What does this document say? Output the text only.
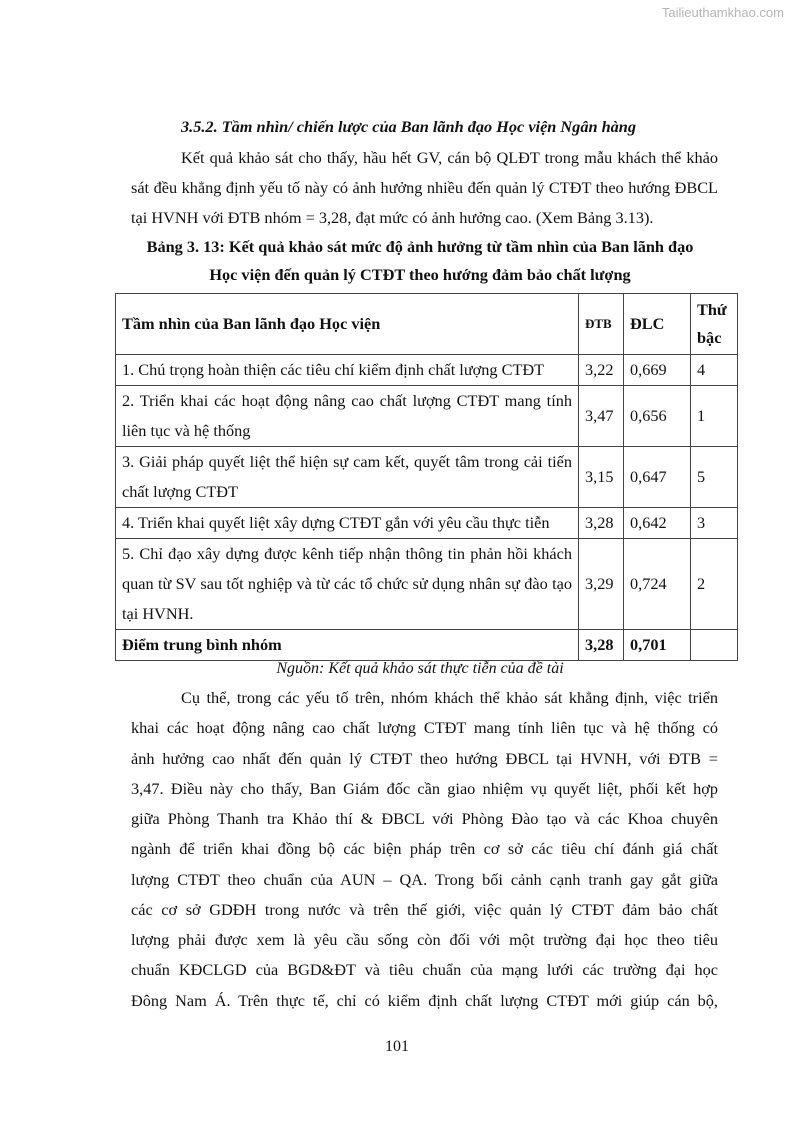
Tailieuthamkhao.com
3.5.2. Tầm nhìn/ chiến lược của Ban lãnh đạo Học viện Ngân hàng
Kết quả khảo sát cho thấy, hầu hết GV, cán bộ QLĐT trong mẫu khách thể khảo
sát đều khẳng định yếu tố này có ảnh hưởng nhiều đến quản lý CTĐT theo hướng ĐBCL
tại HVNH với ĐTB nhóm = 3,28, đạt mức có ảnh hưởng cao. (Xem Bảng 3.13).
Bảng 3. 13: Kết quả khảo sát mức độ ảnh hưởng từ tầm nhìn của Ban lãnh đạo
Học viện đến quản lý CTĐT theo hướng đảm bảo chất lượng
Tầm nhìn của Ban lãnh đạo Học viện	ĐTB	ĐLC	Thứ bậc
1. Chú trọng hoàn thiện các tiêu chí kiểm định chất lượng CTĐT	3,22	0,669	4
2. Triển khai các hoạt động nâng cao chất lượng CTĐT mang tính liên tục và hệ thống	3,47	0,656	1
3. Giải pháp quyết liệt thể hiện sự cam kết, quyết tâm trong cải tiến chất lượng CTĐT	3,15	0,647	5
4. Triển khai quyết liệt xây dựng CTĐT gắn với yêu cầu thực tiễn	3,28	0,642	3
5. Chỉ đạo xây dựng được kênh tiếp nhận thông tin phản hồi khách quan từ SV sau tốt nghiệp và từ các tổ chức sử dụng nhân sự đào tạo tại HVNH.	3,29	0,724	2
Điểm trung bình nhóm	3,28	0,701	
Nguồn: Kết quả khảo sát thực tiễn của đề tài
Cụ thể, trong các yếu tố trên, nhóm khách thể khảo sát khẳng định, việc triển
khai các hoạt động nâng cao chất lượng CTĐT mang tính liên tục và hệ thống có
ảnh hưởng cao nhất đến quản lý CTĐT theo hướng ĐBCL tại HVNH, với ĐTB =
3,47. Điều này cho thấy, Ban Giám đốc cần giao nhiệm vụ quyết liệt, phối kết hợp
giữa Phòng Thanh tra Khảo thí & ĐBCL với Phòng Đào tạo và các Khoa chuyên
ngành để triển khai đồng bộ các biện pháp trên cơ sở các tiêu chí đánh giá chất
lượng CTĐT theo chuẩn của AUN – QA. Trong bối cảnh cạnh tranh gay gắt giữa
các cơ sở GDĐH trong nước và trên thế giới, việc quản lý CTĐT đảm bảo chất
lượng phải được xem là yêu cầu sống còn đối với một trường đại học theo tiêu
chuẩn KĐCLGD của BGD&ĐT và tiêu chuẩn của mạng lưới các trường đại học
Đông Nam Á. Trên thực tế, chỉ có kiểm định chất lượng CTĐT mới giúp cán bộ,
101
